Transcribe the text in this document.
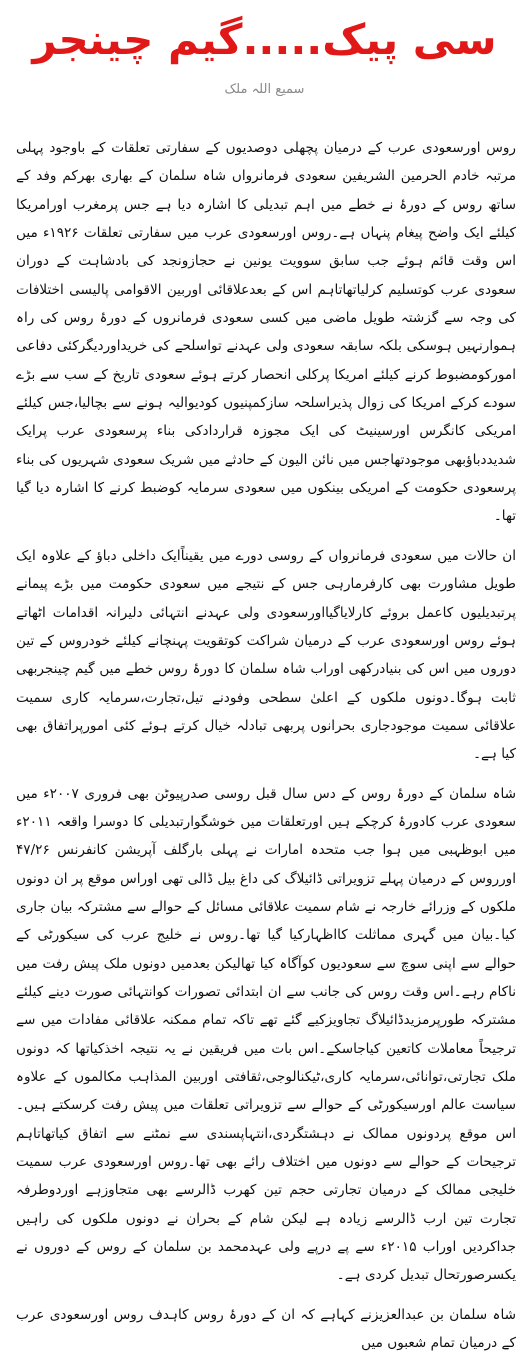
سی پیک.....گیم چینجر
سمیع اللہ ملک

روس اورسعودی عرب کے درمیان پچھلی دوصدیوں کے سفارتی تعلقات کے باوجود پہلی مرتبہ خادم الحرمین الشریفین سعودی فرمانرواں شاہ سلمان کے بھاری بھرکم وفد کے ساتھ روس کے دورۂ نے خطے میں اہم تبدیلی کا اشارہ دیا ہے جس پرمغرب اورامریکا کیلئے ایک واضح پیغام پنہاں ہے۔روس اورسعودی عرب میں سفارتی تعلقات ۱۹۲۶ء میں اس وقت قائم ہوئے جب سابق سوویت یونین نے حجازونجد کی بادشاہت کے دوران سعودی عرب کوتسلیم کرلیاتھاتاہم اس کے بعدعلاقائی اوربین الاقوامی پالیسی اختلافات کی وجہ سے گزشتہ طویل ماضی میں کسی سعودی فرمانروں کے دورۂ روس کی راہ ہموارنہیں ہوسکی بلکہ سابقہ سعودی ولی عہدنے تواسلحے کی خریداوردیگرکئی دفاعی امورکومضبوط کرنے کیلئے امریکا پرکلی انحصار کرتے ہوئے سعودی تاریخ کے سب سے بڑے سودے کرکے امریکا کی زوال پذیراسلحہ سازکمپنیوں کودیوالیہ ہونے سے بچالیا،جس کیلئے امریکی کانگرس اورسینیٹ کی ایک مجوزہ قراردادکی بناء پرسعودی عرب پرایک شدیددباؤبھی موجودتھاجس میں نائن الیون کے حادثے میں شریک سعودی شہریوں کی بناء پرسعودی حکومت کے امریکی بینکوں میں سعودی سرمایہ کوضبط کرنے کا اشارہ دیا گیا تھا۔

ان حالات میں سعودی فرمانرواں کے روسی دورے میں یقیناًایک داخلی دباؤ کے علاوہ ایک طویل مشاورت بھی کارفرمارہی جس کے نتیجے میں سعودی حکومت میں بڑے پیمانے پرتبدیلیوں کاعمل بروئے کارلایاگیااورسعودی ولی عہدنے انتہائی دلیرانہ اقدامات اٹھاتے ہوئے روس اورسعودی عرب کے درمیان شراکت کوتقویت پہنچانے کیلئے خودروس کے تین دوروں میں اس کی بنیادرکھی اوراب شاہ سلمان کا دورۂ روس خطے میں گیم چینجربھی ثابت ہوگا۔دونوں ملکوں کے اعلیٰ سطحی وفودنے تیل،تجارت،سرمایہ کاری سمیت علاقائی سمیت موجودجاری بحرانوں پربھی تبادلہ خیال کرتے ہوئے کئی امورپراتفاق بھی کیا ہے۔

شاہ سلمان کے دورۂ روس کے دس سال قبل روسی صدرپیوٹن بھی فروری ۲۰۰۷ء میں سعودی عرب کادورۂ کرچکے ہیں اورتعلقات میں خوشگوارتبدیلی کا دوسرا واقعہ ۲۰۱۱ء میں ابوظہبی میں ہوا جب متحدہ امارات نے پہلی بارگلف آپریشن کانفرنس ۴۷/۲۶ اورروس کے درمیان پہلے تزویراتی ڈائیلاگ کی داغ بیل ڈالی تھی اوراس موقع پر ان دونوں ملکوں کے وزرائے خارجہ نے شام سمیت علاقائی مسائل کے حوالے سے مشترکہ بیان جاری کیا۔بیان میں گہری مماثلت کااظہارکیا گیا تھا۔روس نے خلیج عرب کی سیکورٹی کے حوالے سے اپنی سوچ سے سعودیوں کوآگاہ کیا تھالیکن بعدمیں دونوں ملک پیش رفت میں ناکام رہے۔اس وقت روس کی جانب سے ان ابتدائی تصورات کوانتہائی صورت دینے کیلئے مشترکہ طورپرمزیدڈائیلاگ تجاویزکیے گئے تھے تاکہ تمام ممکنہ علاقائی مفادات میں سے ترجیحاً معاملات کاتعین کیاجاسکے۔اس بات میں فریقین نے یہ نتیجہ اخذکیاتھا کہ دونوں ملک تجارتی،توانائی،سرمایہ کاری،ٹیکنالوجی،ثقافتی اوربین المذاہب مکالموں کے علاوہ سیاست عالم اورسیکورٹی کے حوالے سے تزویراتی تعلقات میں پیش رفت کرسکتے ہیں۔اس موقع پردونوں ممالک نے دہشتگردی،انتہاپسندی سے نمٹنے سے اتفاق کیاتھاتاہم ترجیحات کے حوالے سے دونوں میں اختلاف رائے بھی تھا۔روس اورسعودی عرب سمیت خلیجی ممالک کے درمیان تجارتی حجم تین کھرب ڈالرسے بھی متجاوزہے اوردوطرفہ تجارت تین ارب ڈالرسے زیادہ ہے لیکن شام کے بحران نے دونوں ملکوں کی راہیں جداکردیں اوراب ۲۰۱۵ء سے پے درپے ولی عہدمحمد بن سلمان کے روس کے دوروں نے یکسرصورتحال تبدیل کردی ہے۔

شاہ سلمان بن عبدالعزیزنے کہاہے کہ ان کے دورۂ روس کاہدف روس اورسعودی عرب کے درمیان تمام شعبوں میں
